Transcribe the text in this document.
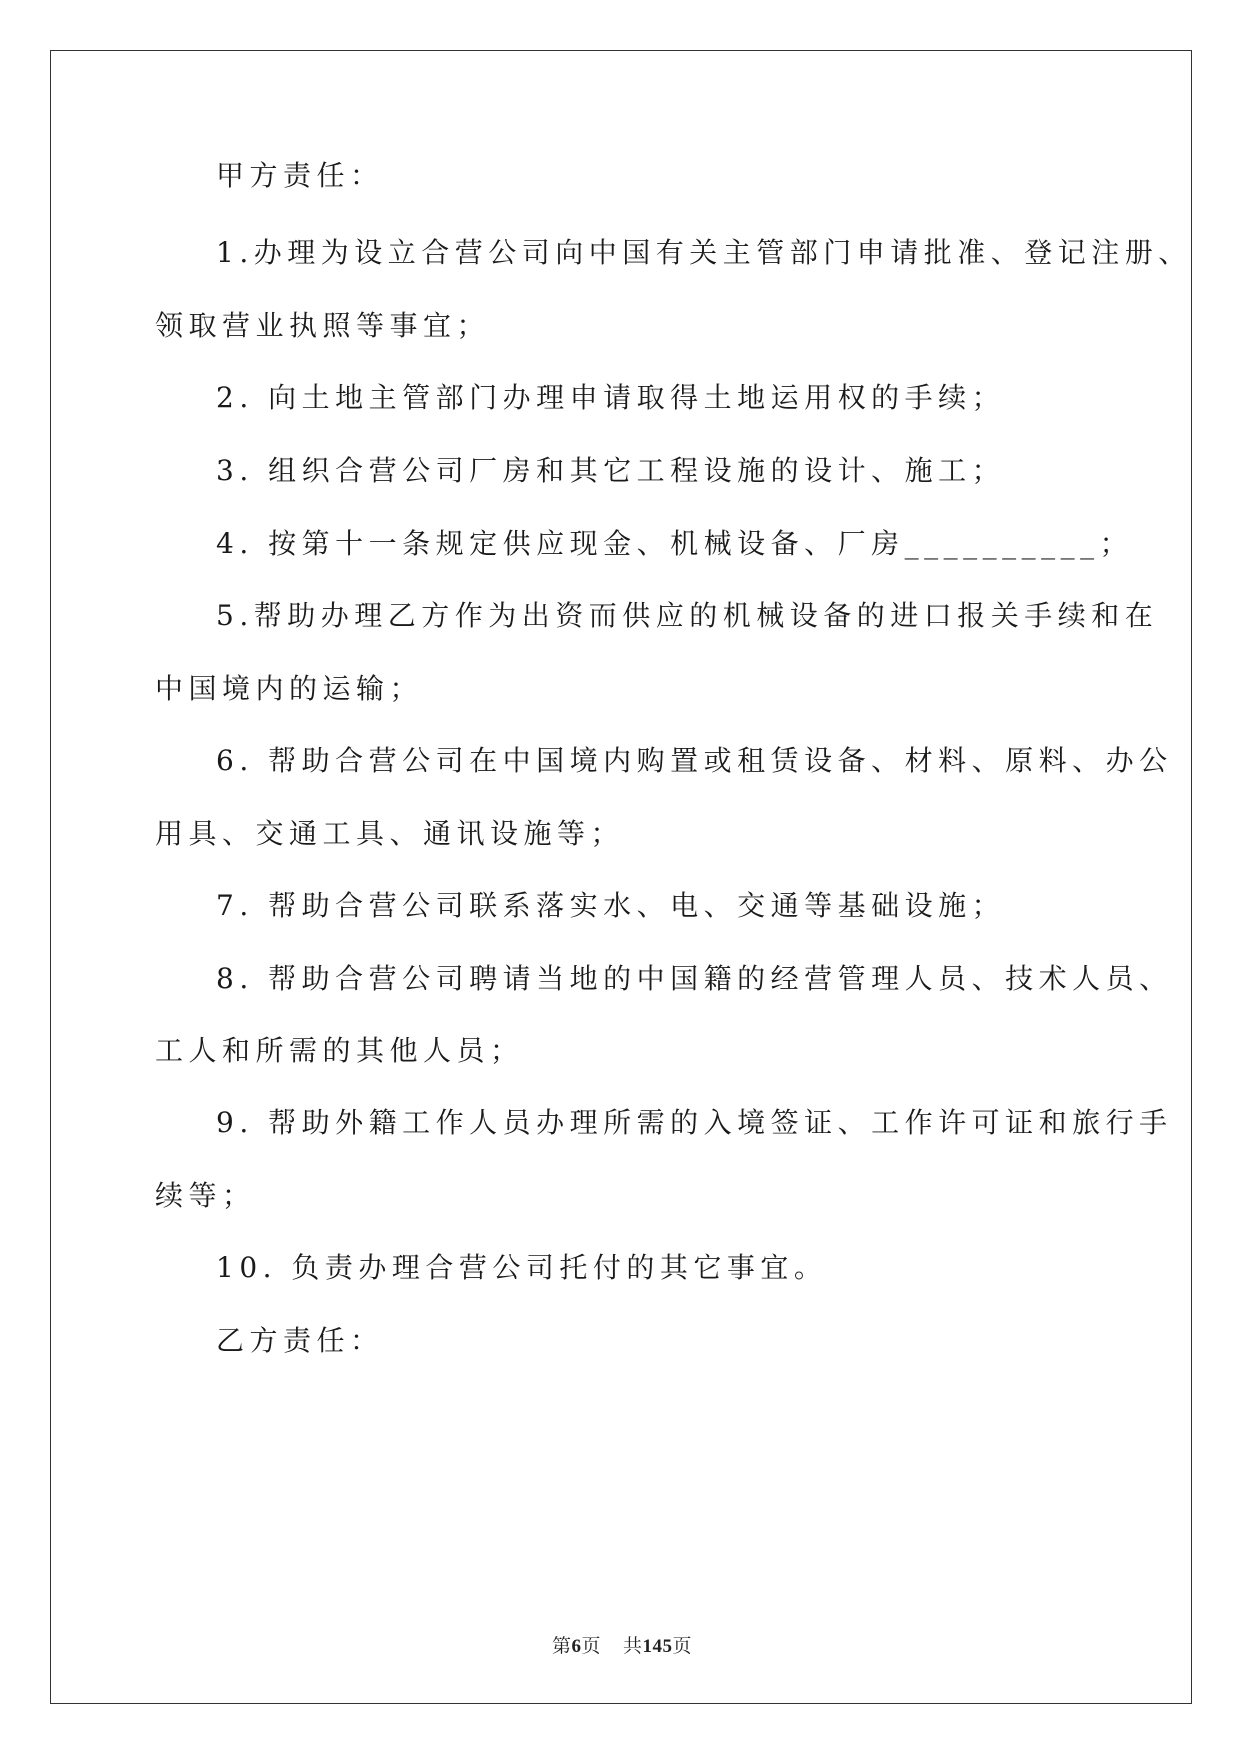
甲方责任：
1.办理为设立合营公司向中国有关主管部门申请批准、登记注册、
领取营业执照等事宜；
2. 向土地主管部门办理申请取得土地运用权的手续；
3. 组织合营公司厂房和其它工程设施的设计、施工；
4. 按第十一条规定供应现金、机械设备、厂房__________；
5.帮助办理乙方作为出资而供应的机械设备的进口报关手续和在
中国境内的运输；
6. 帮助合营公司在中国境内购置或租赁设备、材料、原料、办公
用具、交通工具、通讯设施等；
7. 帮助合营公司联系落实水、电、交通等基础设施；
8. 帮助合营公司聘请当地的中国籍的经营管理人员、技术人员、
工人和所需的其他人员；
9. 帮助外籍工作人员办理所需的入境签证、工作许可证和旅行手
续等；
10. 负责办理合营公司托付的其它事宜。
乙方责任：
第6页 共145页
